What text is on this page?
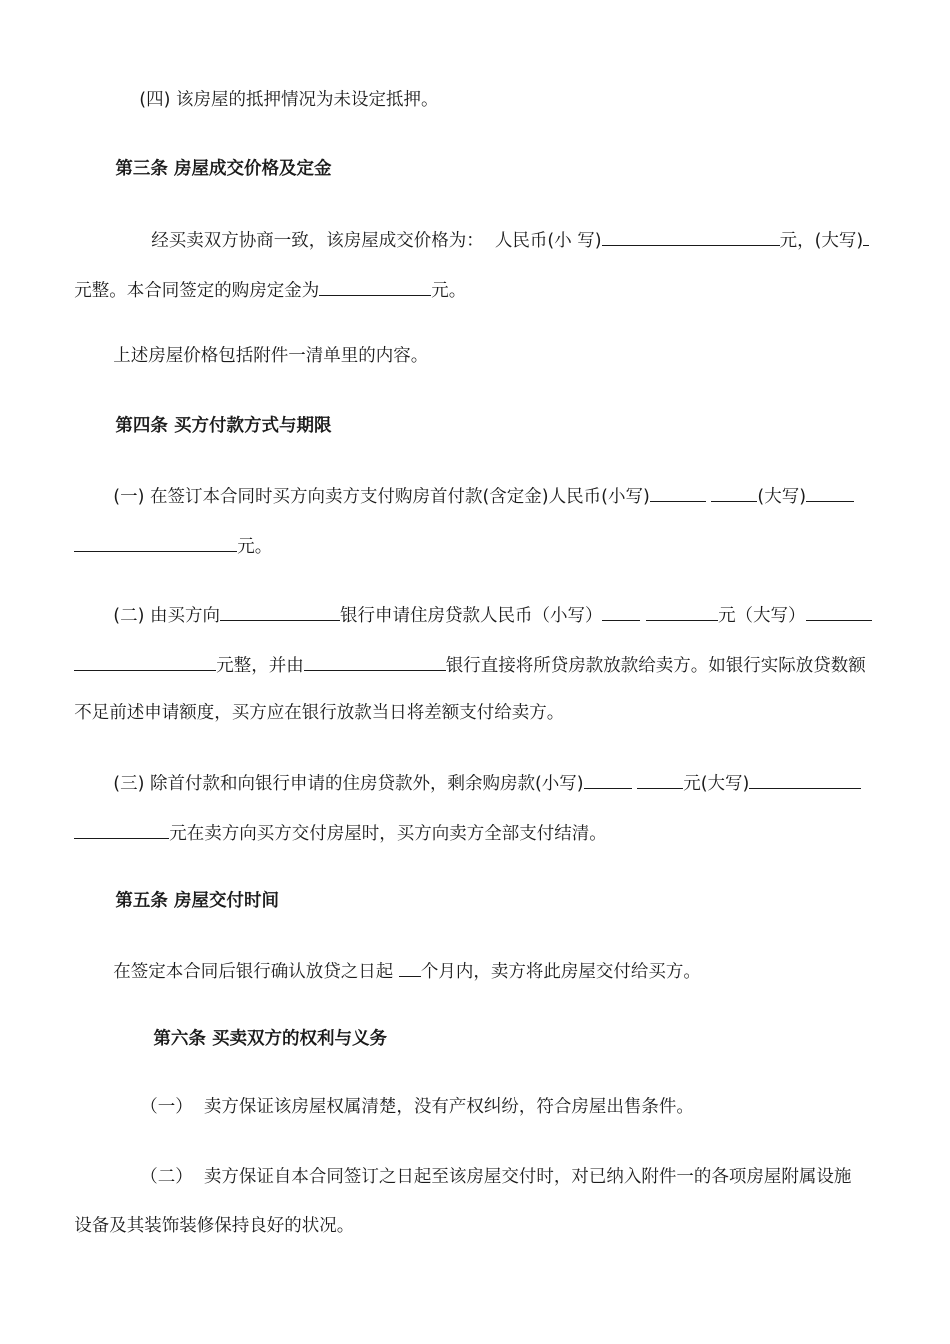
(四) 该房屋的抵押情况为未设定抵押。

第三条 房屋成交价格及定金

经买卖双方协商一致，该房屋成交价格为：  人民币(小 写)	元，(大写)

元整。本合同签定的购房定金为	元。

上述房屋价格包括附件一清单里的内容。

第四条 买方付款方式与期限

(一) 在签订本合同时买方向卖方支付购房首付款(含定金)人民币(小写)	(大写)

元。

(二) 由买方向	银行申请住房贷款人民币（小写）	元（大写）

元整，并由	银行直接将所贷房款放款给卖方。如银行实际放贷数额

不足前述申请额度，买方应在银行放款当日将差额支付给卖方。

(三) 除首付款和向银行申请的住房贷款外，剩余购房款(小写)	元(大写)

元在卖方向买方交付房屋时，买方向卖方全部支付结清。

第五条 房屋交付时间

在签定本合同后银行确认放贷之日起 个月内，卖方将此房屋交付给买方。

第六条 买卖双方的权利与义务

（一）  卖方保证该房屋权属清楚，没有产权纠纷，符合房屋出售条件。

（二）  卖方保证自本合同签订之日起至该房屋交付时，对已纳入附件一的各项房屋附属设施

设备及其装饰装修保持良好的状况。
